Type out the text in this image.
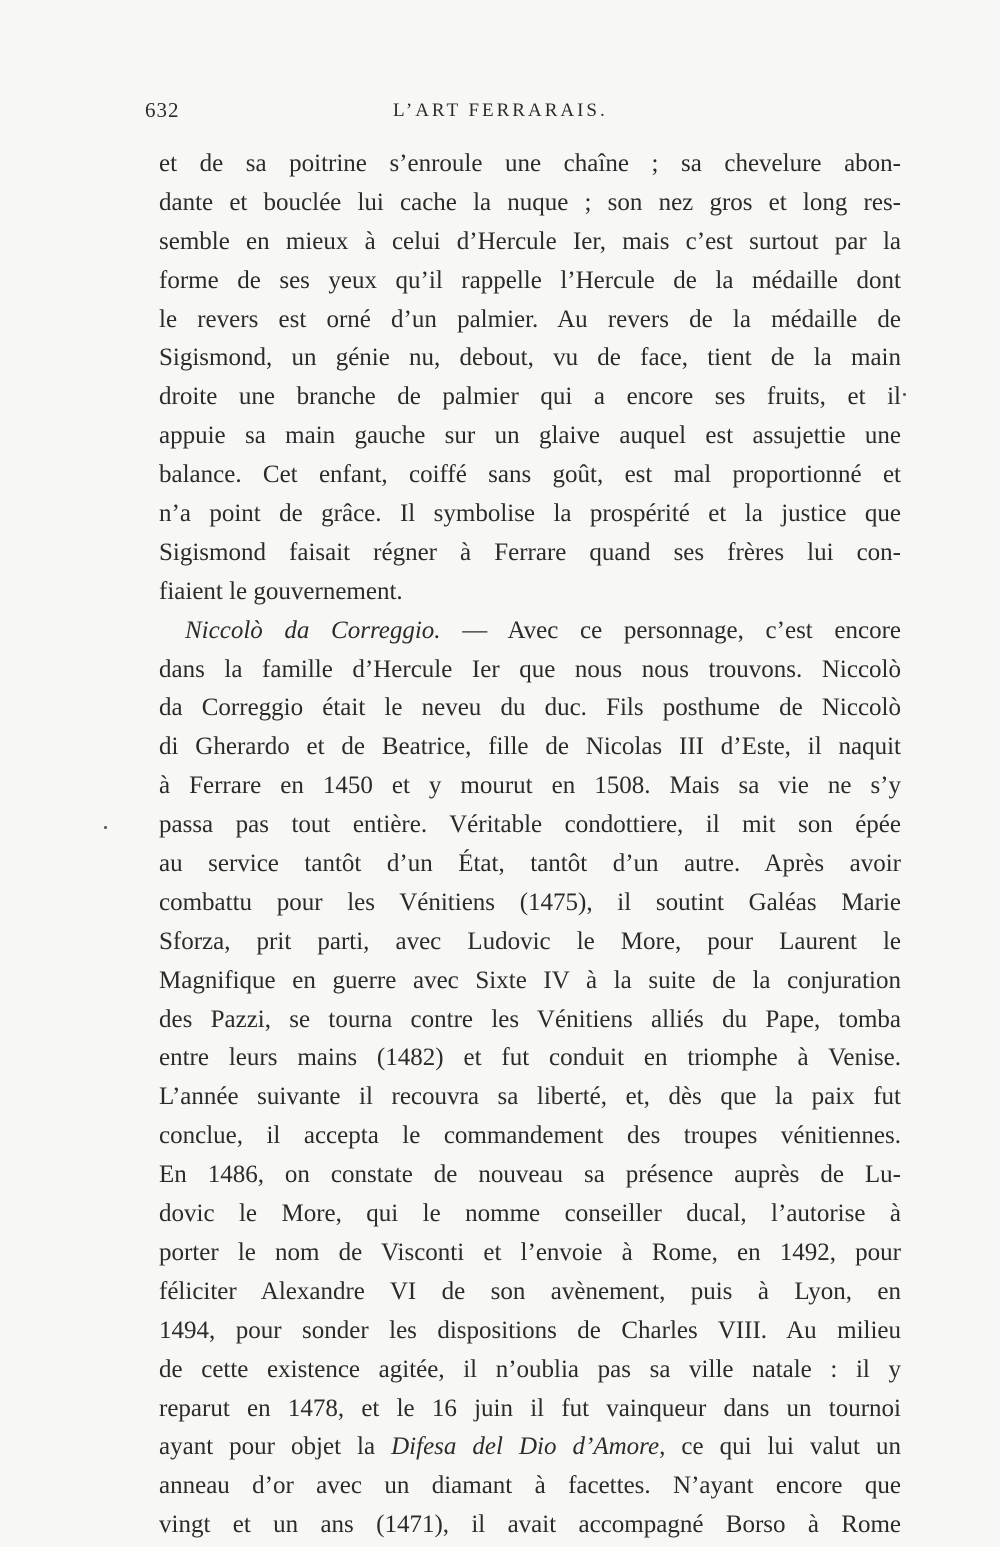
632	L’ART FERRARAIS.
et de sa poitrine s’enroule une chaîne ; sa chevelure abon-
dante et bouclée lui cache la nuque ; son nez gros et long res-
semble en mieux à celui d’Hercule Ier, mais c’est surtout par la
forme de ses yeux qu’il rappelle l’Hercule de la médaille dont
le revers est orné d’un palmier. Au revers de la médaille de
Sigismond, un génie nu, debout, vu de face, tient de la main
droite une branche de palmier qui a encore ses fruits, et il
appuie sa main gauche sur un glaive auquel est assujettie une
balance. Cet enfant, coiffé sans goût, est mal proportionné et
n’a point de grâce. Il symbolise la prospérité et la justice que
Sigismond faisait régner à Ferrare quand ses frères lui con-
fiaient le gouvernement.
Niccolò da Correggio. — Avec ce personnage, c’est encore
dans la famille d’Hercule Ier que nous nous trouvons. Niccolò
da Correggio était le neveu du duc. Fils posthume de Niccolò
di Gherardo et de Beatrice, fille de Nicolas III d’Este, il naquit
à Ferrare en 1450 et y mourut en 1508. Mais sa vie ne s’y
passa pas tout entière. Véritable condottiere, il mit son épée
au service tantôt d’un État, tantôt d’un autre. Après avoir
combattu pour les Vénitiens (1475), il soutint Galéas Marie
Sforza, prit parti, avec Ludovic le More, pour Laurent le
Magnifique en guerre avec Sixte IV à la suite de la conjuration
des Pazzi, se tourna contre les Vénitiens alliés du Pape, tomba
entre leurs mains (1482) et fut conduit en triomphe à Venise.
L’année suivante il recouvra sa liberté, et, dès que la paix fut
conclue, il accepta le commandement des troupes vénitiennes.
En 1486, on constate de nouveau sa présence auprès de Lu-
dovic le More, qui le nomme conseiller ducal, l’autorise à
porter le nom de Visconti et l’envoie à Rome, en 1492, pour
féliciter Alexandre VI de son avènement, puis à Lyon, en
1494, pour sonder les dispositions de Charles VIII. Au milieu
de cette existence agitée, il n’oublia pas sa ville natale : il y
reparut en 1478, et le 16 juin il fut vainqueur dans un tournoi
ayant pour objet la Difesa del Dio d’Amore, ce qui lui valut un
anneau d’or avec un diamant à facettes. N’ayant encore que
vingt et un ans (1471), il avait accompagné Borso à Rome
